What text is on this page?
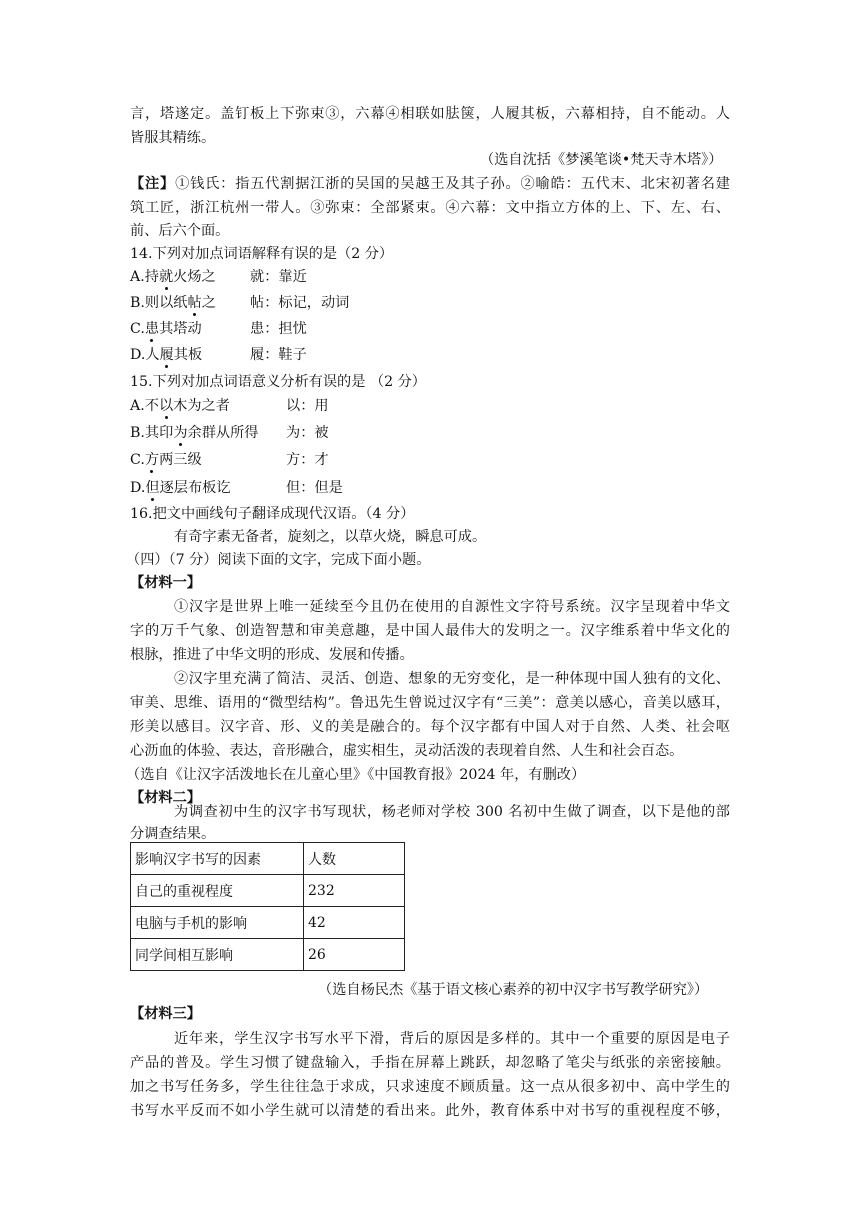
言，塔遂定。盖钉板上下弥束③，六幕④相联如胠箧，人履其板，六幕相持，自不能动。人
皆服其精练。
（选自沈括《梦溪笔谈•梵天寺木塔》）
【注】①钱氏：指五代割据江浙的吴国的吴越王及其子孙。②喻皓：五代末、北宋初著名建
筑工匠，浙江杭州一带人。③弥束：全部紧束。④六幕：文中指立方体的上、下、左、右、
前、后六个面。
14.下列对加点词语解释有误的是（2 分）
A.持就火炀之 就：靠近
B.则以纸帖之 帖：标记，动词
C.患其塔动	患：担忧
D.人履其板	履：鞋子
15.下列对加点词语意义分析有误的是 （2 分）
A.不以木为之者	以：用
B.其印为余群从所得 为：被
C.方两三级	方：才
D.但逐层布板讫	但：但是
16.把文中画线句子翻译成现代汉语。（4 分）
有奇字素无备者，旋刻之，以草火烧，瞬息可成。
（四）（7 分）阅读下面的文字，完成下面小题。
【材料一】
①汉字是世界上唯一延续至今且仍在使用的自源性文字符号系统。汉字呈现着中华文
字的万千气象、创造智慧和审美意趣，是中国人最伟大的发明之一。汉字维系着中华文化的
根脉，推进了中华文明的形成、发展和传播。
②汉字里充满了简洁、灵活、创造、想象的无穷变化，是一种体现中国人独有的文化、
审美、思维、语用的“微型结构”。鲁迅先生曾说过汉字有“三美”：意美以感心，音美以感耳，
形美以感目。汉字音、形、义的美是融合的。每个汉字都有中国人对于自然、人类、社会呕
心沥血的体验、表达，音形融合，虚实相生，灵动活泼的表现着自然、人生和社会百态。
（选自《让汉字活泼地长在儿童心里》《中国教育报》2024 年，有删改）
【材料二】
为调查初中生的汉字书写现状，杨老师对学校 300 名初中生做了调查，以下是他的部
分调查结果。
影响汉字书写的因素	人数
自己的重视程度	232
电脑与手机的影响	42
同学间相互影响	26
（选自杨民杰《基于语文核心素养的初中汉字书写教学研究》）
【材料三】
近年来，学生汉字书写水平下滑，背后的原因是多样的。其中一个重要的原因是电子
产品的普及。学生习惯了键盘输入，手指在屏幕上跳跃，却忽略了笔尖与纸张的亲密接触。
加之书写任务多，学生往往急于求成，只求速度不顾质量。这一点从很多初中、高中学生的
书写水平反而不如小学生就可以清楚的看出来。此外，教育体系中对书写的重视程度不够，
